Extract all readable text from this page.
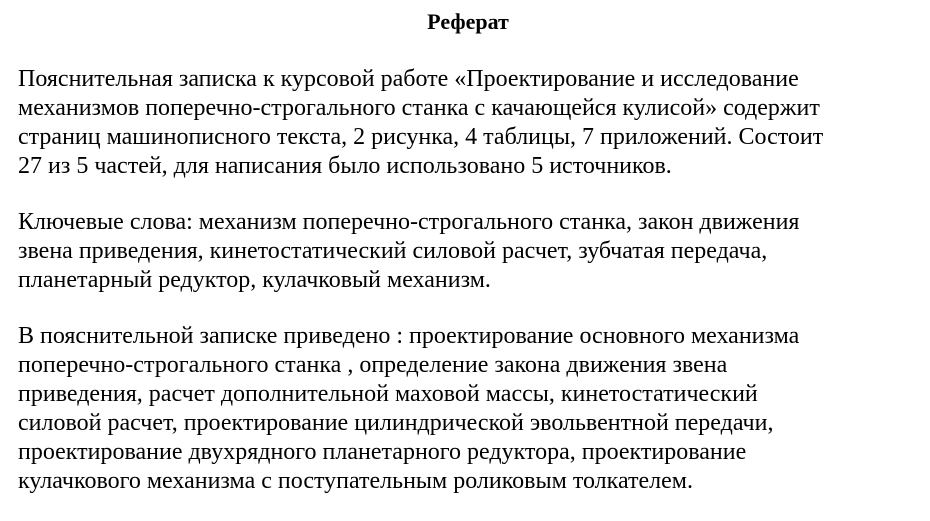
Реферат

Пояснительная записка к курсовой работе «Проектирование и исследование
механизмов поперечно-строгального станка с качающейся кулисой» содержит
страниц машинописного текста, 2 рисунка, 4 таблицы, 7 приложений. Состоит
27 из 5 частей, для написания было использовано 5 источников.

Ключевые слова: механизм поперечно-строгального станка, закон движения
звена приведения, кинетостатический силовой расчет, зубчатая передача,
планетарный редуктор, кулачковый механизм.

В пояснительной записке приведено : проектирование основного механизма
поперечно-строгального станка , определение закона движения звена
приведения, расчет дополнительной маховой массы, кинетостатический
силовой расчет, проектирование цилиндрической эвольвентной передачи,
проектирование двухрядного планетарного редуктора, проектирование
кулачкового механизма с поступательным роликовым толкателем.
